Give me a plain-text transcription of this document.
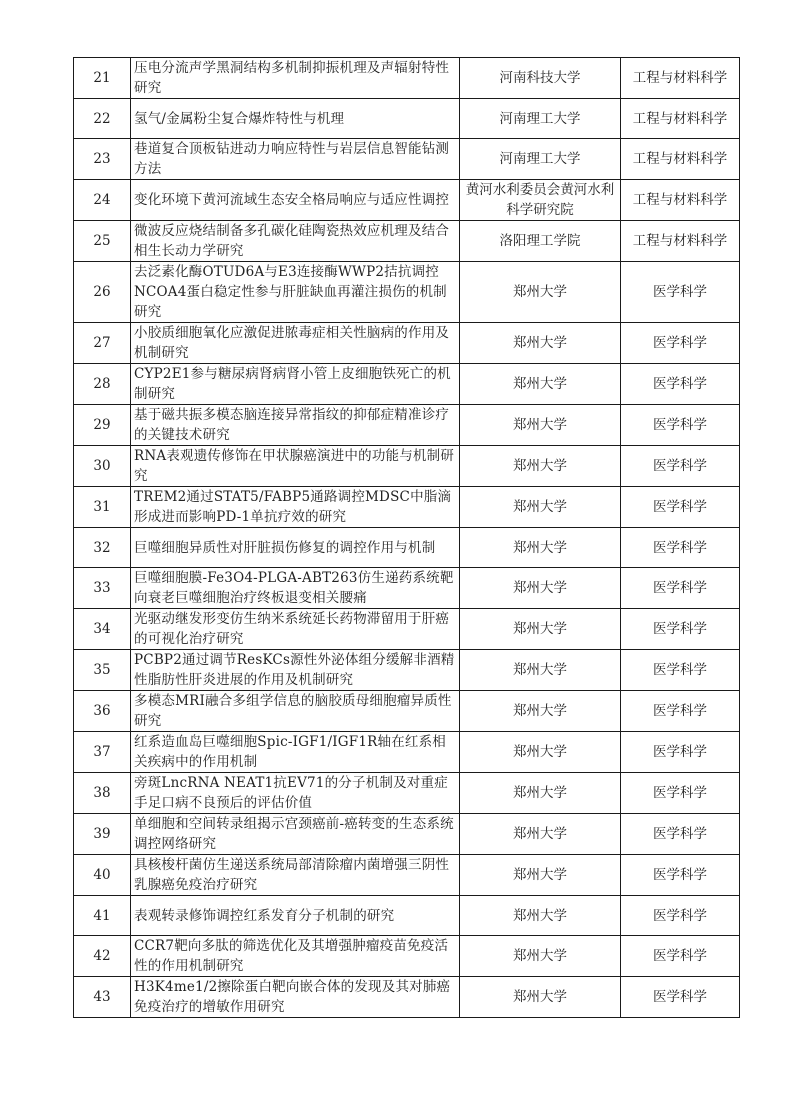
21	压电分流声学黑洞结构多机制抑振机理及声辐射特性研究	河南科技大学	工程与材料科学
22	氢气/金属粉尘复合爆炸特性与机理	河南理工大学	工程与材料科学
23	巷道复合顶板钻进动力响应特性与岩层信息智能钻测方法	河南理工大学	工程与材料科学
24	变化环境下黄河流域生态安全格局响应与适应性调控	黄河水利委员会黄河水利科学研究院	工程与材料科学
25	微波反应烧结制备多孔碳化硅陶瓷热效应机理及结合相生长动力学研究	洛阳理工学院	工程与材料科学
26	去泛素化酶OTUD6A与E3连接酶WWP2拮抗调控NCOA4蛋白稳定性参与肝脏缺血再灌注损伤的机制研究	郑州大学	医学科学
27	小胶质细胞氧化应激促进脓毒症相关性脑病的作用及机制研究	郑州大学	医学科学
28	CYP2E1参与糖尿病肾病肾小管上皮细胞铁死亡的机制研究	郑州大学	医学科学
29	基于磁共振多模态脑连接异常指纹的抑郁症精准诊疗的关键技术研究	郑州大学	医学科学
30	RNA表观遗传修饰在甲状腺癌演进中的功能与机制研究	郑州大学	医学科学
31	TREM2通过STAT5/FABP5通路调控MDSC中脂滴形成进而影响PD-1单抗疗效的研究	郑州大学	医学科学
32	巨噬细胞异质性对肝脏损伤修复的调控作用与机制	郑州大学	医学科学
33	巨噬细胞膜-Fe3O4-PLGA-ABT263仿生递药系统靶向衰老巨噬细胞治疗终板退变相关腰痛	郑州大学	医学科学
34	光驱动继发形变仿生纳米系统延长药物滞留用于肝癌的可视化治疗研究	郑州大学	医学科学
35	PCBP2通过调节ResKCs源性外泌体组分缓解非酒精性脂肪性肝炎进展的作用及机制研究	郑州大学	医学科学
36	多模态MRI融合多组学信息的脑胶质母细胞瘤异质性研究	郑州大学	医学科学
37	红系造血岛巨噬细胞Spic-IGF1/IGF1R轴在红系相关疾病中的作用机制	郑州大学	医学科学
38	旁斑LncRNA NEAT1抗EV71的分子机制及对重症手足口病不良预后的评估价值	郑州大学	医学科学
39	单细胞和空间转录组揭示宫颈癌前-癌转变的生态系统调控网络研究	郑州大学	医学科学
40	具核梭杆菌仿生递送系统局部清除瘤内菌增强三阴性乳腺癌免疫治疗研究	郑州大学	医学科学
41	表观转录修饰调控红系发育分子机制的研究	郑州大学	医学科学
42	CCR7靶向多肽的筛选优化及其增强肿瘤疫苗免疫活性的作用机制研究	郑州大学	医学科学
43	H3K4me1/2擦除蛋白靶向嵌合体的发现及其对肺癌免疫治疗的增敏作用研究	郑州大学	医学科学
